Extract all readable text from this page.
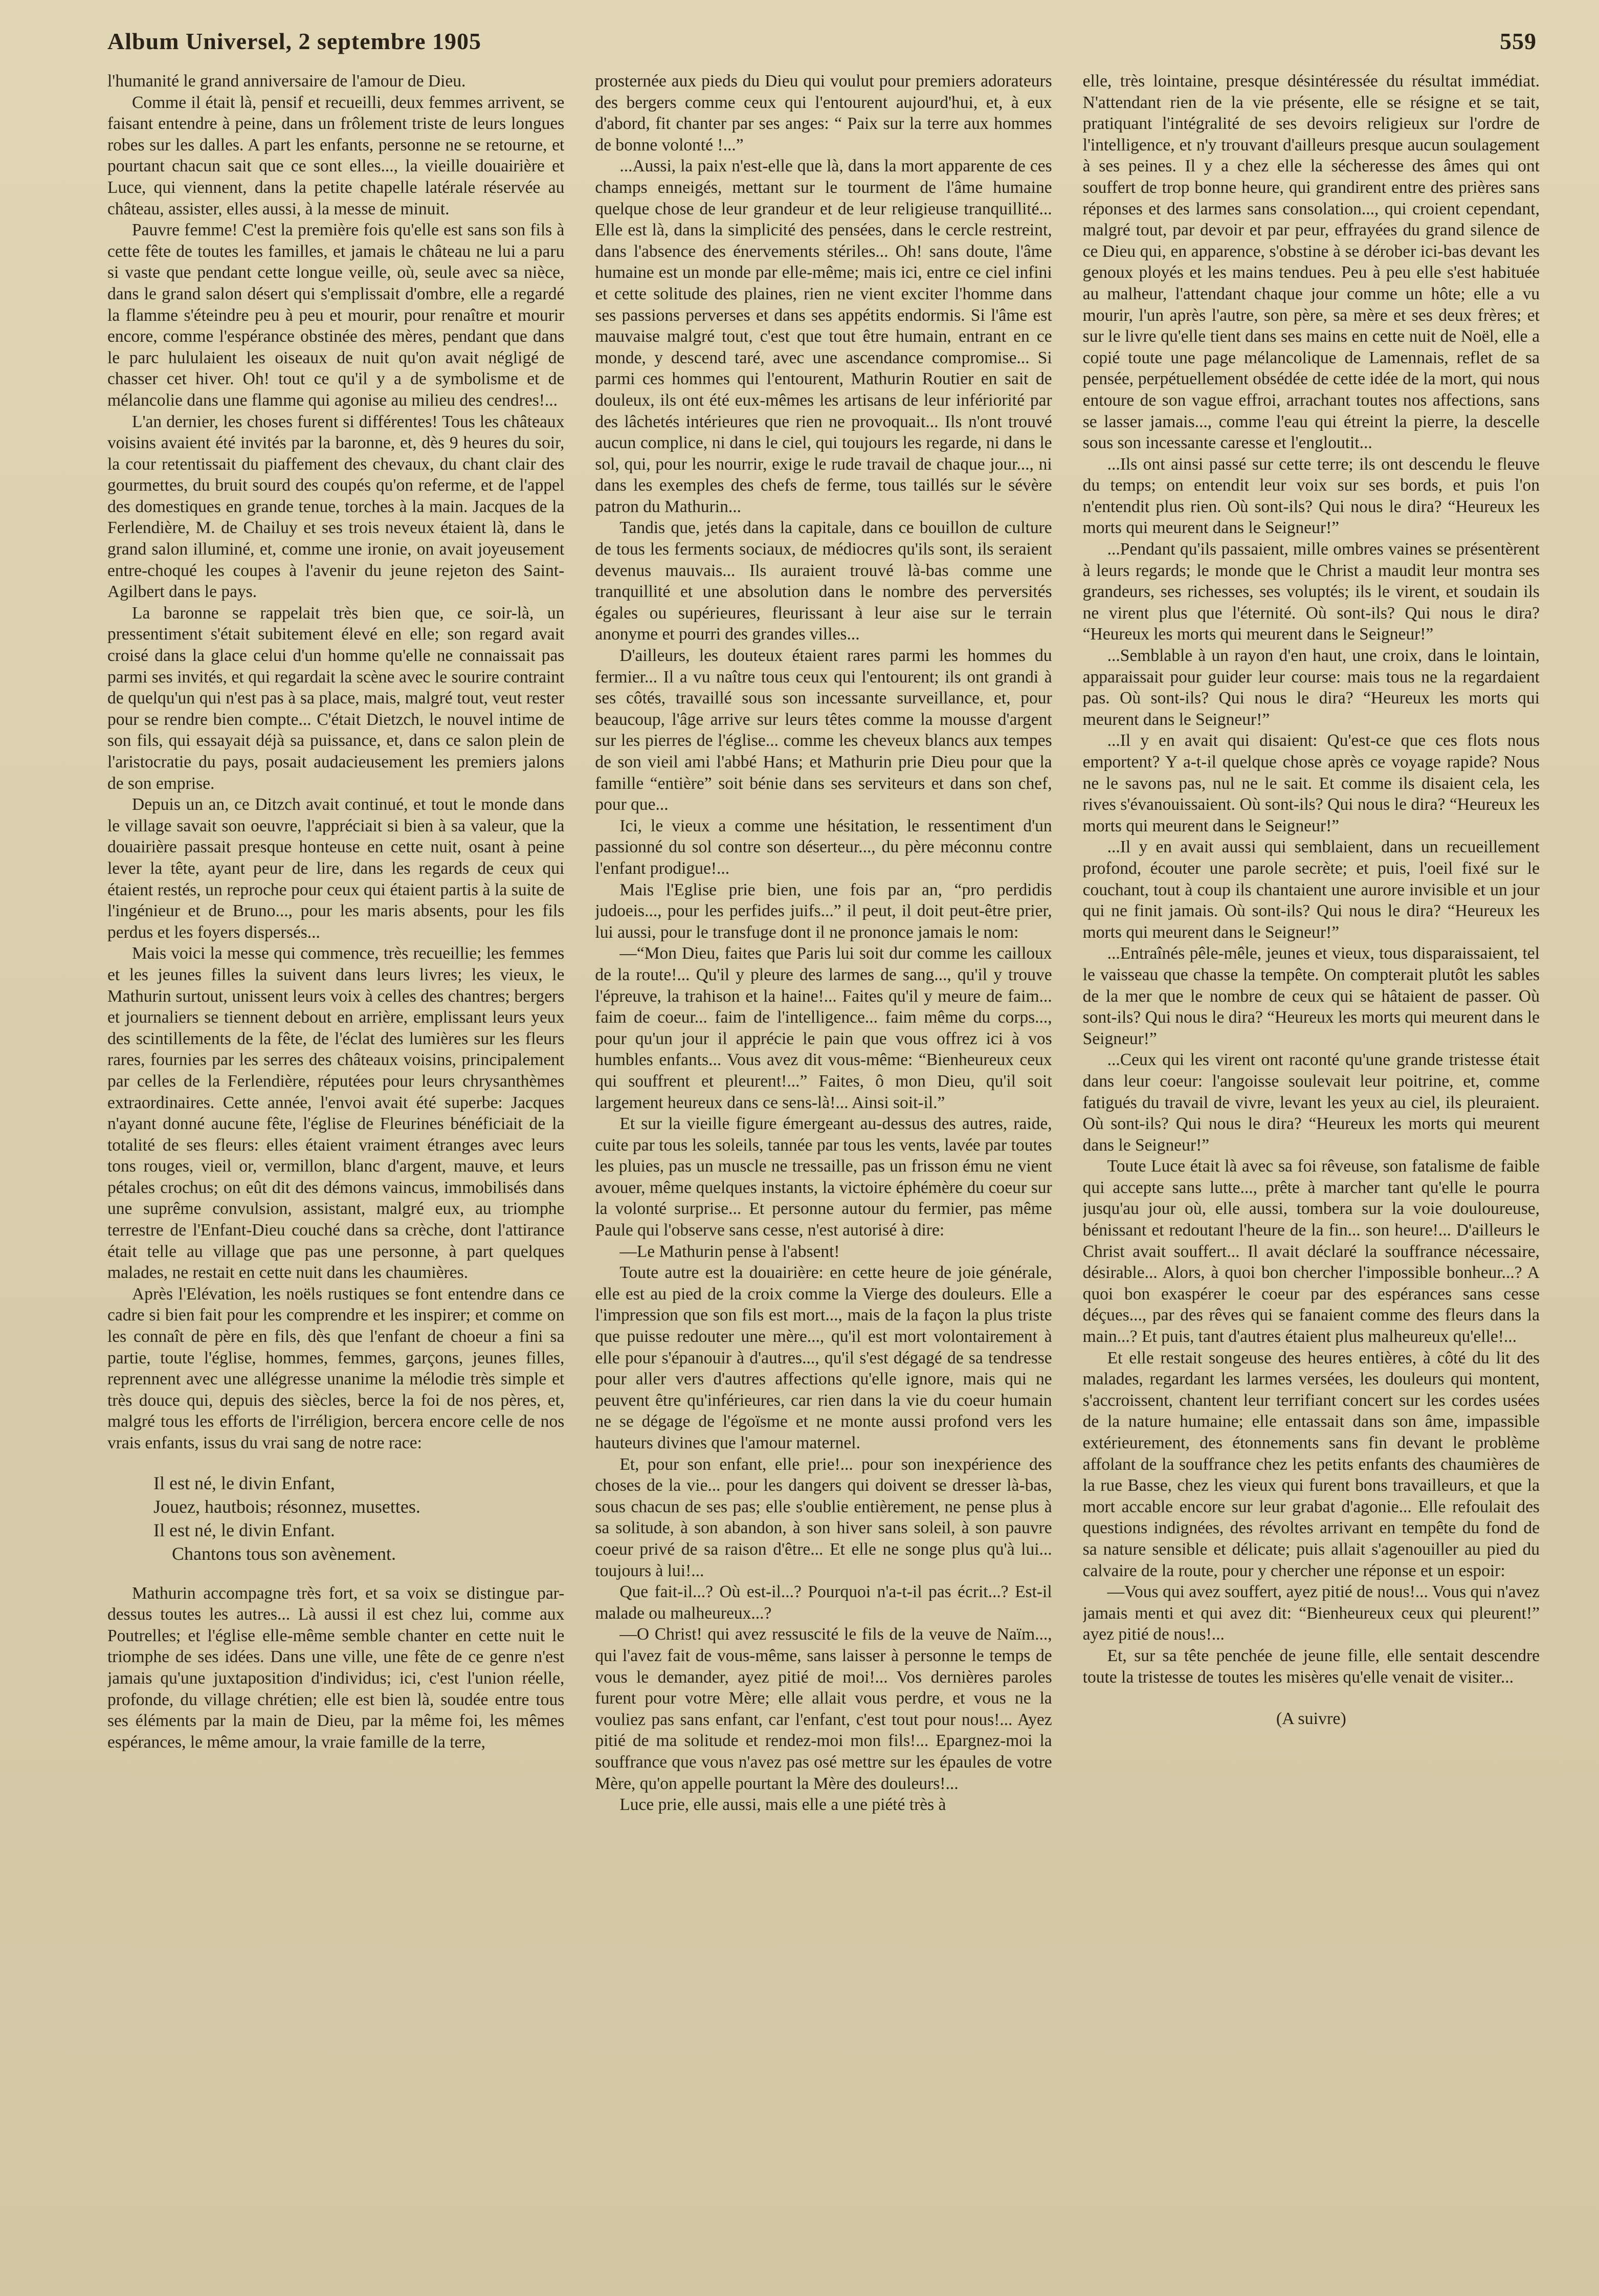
Album Universel, 2 septembre 1905	559

l'humanité le grand anniversaire de l'amour de Dieu.

Comme il était là, pensif et recueilli, deux femmes arrivent, se faisant entendre à peine, dans un frôlement triste de leurs longues robes sur les dalles. A part les enfants, personne ne se retourne, et pourtant chacun sait que ce sont elles..., la vieille douairière et Luce, qui viennent, dans la petite chapelle latérale réservée au château, assister, elles aussi, à la messe de minuit.

Pauvre femme! C'est la première fois qu'elle est sans son fils à cette fête de toutes les familles, et jamais le château ne lui a paru si vaste que pendant cette longue veille, où, seule avec sa nièce, dans le grand salon désert qui s'emplissait d'ombre, elle a regardé la flamme s'éteindre peu à peu et mourir, pour renaître et mourir encore, comme l'espérance obstinée des mères, pendant que dans le parc hululaient les oiseaux de nuit qu'on avait négligé de chasser cet hiver. Oh! tout ce qu'il y a de symbolisme et de mélancolie dans une flamme qui agonise au milieu des cendres!...

L'an dernier, les choses furent si différentes! Tous les châteaux voisins avaient été invités par la baronne, et, dès 9 heures du soir, la cour retentissait du piaffement des chevaux, du chant clair des gourmettes, du bruit sourd des coupés qu'on refermе, et de l'appel des domestiques en grande tenue, torches à la main. Jacques de la Ferlendière, M. de Chailuy et ses trois neveux étaient là, dans le grand salon illuminé, et, comme une ironie, on avait joyeusement entre-choqué les coupes à l'avenir du jeune rejeton des Saint-Agilbert dans le pays.

La baronne se rappelait très bien que, ce soir-là, un pressentiment s'était subitement élevé en elle; son regard avait croisé dans la glace celui d'un homme qu'elle ne connaissait pas parmi ses invités, et qui regardait la scène avec le sourire contraint de quelqu'un qui n'est pas à sa place, mais, malgré tout, veut rester pour se rendre bien compte... C'était Dietzch, le nouvel intime de son fils, qui essayait déjà sa puissance, et, dans ce salon plein de l'aristocratie du pays, posait audacieusement les premiers jalons de son emprise.

Depuis un an, ce Ditzch avait continué, et tout le monde dans le village savait son oeuvre, l'appréciait si bien à sa valeur, que la douairière passait presque honteuse en cette nuit, osant à peine lever la tête, ayant peur de lire, dans les regards de ceux qui étaient restés, un reproche pour ceux qui étaient partis à la suite de l'ingénieur et de Bruno..., pour les maris absents, pour les fils perdus et les foyers dispersés...

Mais voici la messe qui commence, très recueillie; les femmes et les jeunes filles la suivent dans leurs livres; les vieux, le Mathurin surtout, unissent leurs voix à celles des chantres; bergers et journaliers se tiennent debout en arrière, emplissant leurs yeux des scintillements de la fête, de l'éclat des lumières sur les fleurs rares, fournies par les serres des châteaux voisins, principalement par celles de la Ferlendière, réputées pour leurs chrysanthèmes extraordinaires. Cette année, l'envoi avait été superbe: Jacques n'ayant donné aucune fête, l'église de Fleurines bénéficiait de la totalité de ses fleurs: elles étaient vraiment étranges avec leurs tons rouges, vieil or, vermillon, blanc d'argent, mauve, et leurs pétales crochus; on eût dit des démons vaincus, immobilisés dans une suprême convulsion, assistant, malgré eux, au triomphe terrestre de l'Enfant-Dieu couché dans sa crèche, dont l'attirance était telle au village que pas une personne, à part quelques malades, ne restait en cette nuit dans les chaumières.

Après l'Elévation, les noëls rustiques se font entendre dans ce cadre si bien fait pour les comprendre et les inspirer; et comme on les connaît de père en fils, dès que l'enfant de choeur a fini sa partie, toute l'église, hommes, femmes, garçons, jeunes filles, reprennent avec une allégresse unanime la mélodie très simple et très douce qui, depuis des siècles, berce la foi de nos pères, et, malgré tous les efforts de l'irréligion, bercera encore celle de nos vrais enfants, issus du vrai sang de notre race:

Il est né, le divin Enfant,
Jouez, hautbois; résonnez, musettes.
Il est né, le divin Enfant.
Chantons tous son avènement.

Mathurin accompagne très fort, et sa voix se distingue par-dessus toutes les autres... Là aussi il est chez lui, comme aux Poutrelles; et l'église elle-même semble chanter en cette nuit le triomphe de ses idées. Dans une ville, une fête de ce genre n'est jamais qu'une juxtaposition d'individus; ici, c'est l'union réelle, profonde, du village chrétien; elle est bien là, soudée entre tous ses éléments par la main de Dieu, par la même foi, les mêmes espérances, le même amour, la vraie famille de la terre,

prosternée aux pieds du Dieu qui voulut pour premiers adorateurs des bergers comme ceux qui l'entourent aujourd'hui, et, à eux d'abord, fit chanter par ses anges: “ Paix sur la terre aux hommes de bonne volonté !...”

...Aussi, la paix n'est-elle que là, dans la mort apparente de ces champs enneigés, mettant sur le tourment de l'âme humaine quelque chose de leur grandeur et de leur religieuse tranquillité... Elle est là, dans la simplicité des pensées, dans le cercle restreint, dans l'absence des énervements stériles... Oh! sans doute, l'âme humaine est un monde par elle-même; mais ici, entre ce ciel infini et cette solitude des plaines, rien ne vient exciter l'homme dans ses passions perverses et dans ses appétits endormis. Si l'âme est mauvaise malgré tout, c'est que tout être humain, entrant en ce monde, y descend taré, avec une ascendance compromise... Si parmi ces hommes qui l'entourent, Mathurin Routier en sait de douleux, ils ont été eux-mêmes les artisans de leur infériorité par des lâchetés intérieures que rien ne provoquait... Ils n'ont trouvé aucun complice, ni dans le ciel, qui toujours les regarde, ni dans le sol, qui, pour les nourrir, exige le rude travail de chaque jour..., ni dans les exemples des chefs de ferme, tous taillés sur le sévère patron du Mathurin...

Tandis que, jetés dans la capitale, dans ce bouillon de culture de tous les ferments sociaux, de médiocres qu'ils sont, ils seraient devenus mauvais... Ils auraient trouvé là-bas comme une tranquillité et une absolution dans le nombre des perversités égales ou supérieures, fleurissant à leur aise sur le terrain anonyme et pourri des grandes villes...

D'ailleurs, les douteux étaient rares parmi les hommes du fermier... Il a vu naître tous ceux qui l'entourent; ils ont grandi à ses côtés, travaillé sous son incessante surveillance, et, pour beaucoup, l'âge arrive sur leurs têtes comme la mousse d'argent sur les pierres de l'église... comme les cheveux blancs aux tempes de son vieil ami l'abbé Hans; et Mathurin prie Dieu pour que la famille “entière” soit bénie dans ses serviteurs et dans son chef, pour que...

Ici, le vieux a comme une hésitation, le ressentiment d'un passionné du sol contre son déserteur..., du père méconnu contre l'enfant prodigue!...

Mais l'Eglise prie bien, une fois par an, “pro perdidis judoeis..., pour les perfides juifs...” il peut, il doit peut-être prier, lui aussi, pour le transfuge dont il ne prononce jamais le nom:

—“Mon Dieu, faites que Paris lui soit dur comme les cailloux de la route!... Qu'il y pleure des larmes de sang..., qu'il y trouve l'épreuve, la trahison et la haine!... Faites qu'il y meure de faim... faim de coeur... faim de l'intelligence... faim même du corps..., pour qu'un jour il apprécie le pain que vous offrez ici à vos humbles enfants... Vous avez dit vous-même: “Bienheureux ceux qui souffrent et pleurent!...” Faites, ô mon Dieu, qu'il soit largement heureux dans ce sens-là!... Ainsi soit-il.”

Et sur la vieille figure émergeant au-dessus des autres, raide, cuite par tous les soleils, tannée par tous les vents, lavée par toutes les pluies, pas un muscle ne tressaille, pas un frisson ému ne vient avouer, même quelques instants, la victoire éphémère du coeur sur la volonté surprise... Et personne autour du fermier, pas même Paule qui l'observe sans cesse, n'est autorisé à dire:

—Le Mathurin pense à l'absent!

Toute autre est la douairière: en cette heure de joie générale, elle est au pied de la croix comme la Vierge des douleurs. Elle a l'impression que son fils est mort..., mais de la façon la plus triste que puisse redouter une mère..., qu'il est mort volontairement à elle pour s'épanouir à d'autres..., qu'il s'est dégagé de sa tendresse pour aller vers d'autres affections qu'elle ignore, mais qui ne peuvent être qu'inférieures, car rien dans la vie du coeur humain ne se dégage de l'égoïsme et ne monte aussi profond vers les hauteurs divines que l'amour maternel.

Et, pour son enfant, elle prie!... pour son inexpérience des choses de la vie... pour les dangers qui doivent se dresser là-bas, sous chacun de ses pas; elle s'oublie entièrement, ne pense plus à sa solitude, à son abandon, à son hiver sans soleil, à son pauvre coeur privé de sa raison d'être... Et elle ne songe plus qu'à lui... toujours à lui!...

Que fait-il...? Où est-il...? Pourquoi n'a-t-il pas écrit...? Est-il malade ou malheureux...?

—O Christ! qui avez ressuscité le fils de la veuve de Naïm..., qui l'avez fait de vous-même, sans laisser à personne le temps de vous le demander, ayez pitié de moi!... Vos dernières paroles furent pour votre Mère; elle allait vous perdre, et vous ne la vouliez pas sans enfant, car l'enfant, c'est tout pour nous!... Ayez pitié de ma solitude et rendez-moi mon fils!... Epargnez-moi la souffrance que vous n'avez pas osé mettre sur les épaules de votre Mère, qu'on appelle pourtant la Mère des douleurs!...

Luce prie, elle aussi, mais elle a une piété très à

elle, très lointaine, presque désintéressée du résultat immédiat. N'attendant rien de la vie présente, elle se résigne et se tait, pratiquant l'intégralité de ses devoirs religieux sur l'ordre de l'intelligence, et n'y trouvant d'ailleurs presque aucun soulagement à ses peines. Il y a chez elle la sécheresse des âmes qui ont souffert de trop bonne heure, qui grandirent entre des prières sans réponses et des larmes sans consolation..., qui croient cependant, malgré tout, par devoir et par peur, effrayées du grand silence de ce Dieu qui, en apparence, s'obstine à se dérober ici-bas devant les genoux ployés et les mains tendues. Peu à peu elle s'est habituée au malheur, l'attendant chaque jour comme un hôte; elle a vu mourir, l'un après l'autre, son père, sa mère et ses deux frères; et sur le livre qu'elle tient dans ses mains en cette nuit de Noël, elle a copié toute une page mélancolique de Lamennais, reflet de sa pensée, perpétuellement obsédée de cette idée de la mort, qui nous entoure de son vague effroi, arrachant toutes nos affections, sans se lasser jamais..., comme l'eau qui étreint la pierre, la descelle sous son incessante caresse et l'engloutit...

...Ils ont ainsi passé sur cette terre; ils ont descendu le fleuve du temps; on entendit leur voix sur ses bords, et puis l'on n'entendit plus rien. Où sont-ils? Qui nous le dira? “Heureux les morts qui meurent dans le Seigneur!”

...Pendant qu'ils passaient, mille ombres vaines se présentèrent à leurs regards; le monde que le Christ a maudit leur montra ses grandeurs, ses richesses, ses voluptés; ils le virent, et soudain ils ne virent plus que l'éternité. Où sont-ils? Qui nous le dira? “Heureux les morts qui meurent dans le Seigneur!”

...Semblable à un rayon d'en haut, une croix, dans le lointain, apparaissait pour guider leur course: mais tous ne la regardaient pas. Où sont-ils? Qui nous le dira? “Heureux les morts qui meurent dans le Seigneur!”

...Il y en avait qui disaient: Qu'est-ce que ces flots nous emportent? Y a-t-il quelque chose après ce voyage rapide? Nous ne le savons pas, nul ne le sait. Et comme ils disaient cela, les rives s'évanouissaient. Où sont-ils? Qui nous le dira? “Heureux les morts qui meurent dans le Seigneur!”

...Il y en avait aussi qui semblaient, dans un recueillement profond, écouter une parole secrète; et puis, l'oeil fixé sur le couchant, tout à coup ils chantaient une aurore invisible et un jour qui ne finit jamais. Où sont-ils? Qui nous le dira? “Heureux les morts qui meurent dans le Seigneur!”

...Entraînés pêle-mêle, jeunes et vieux, tous disparaissaient, tel le vaisseau que chasse la tempête. On compterait plutôt les sables de la mer que le nombre de ceux qui se hâtaient de passer. Où sont-ils? Qui nous le dira? “Heureux les morts qui meurent dans le Seigneur!”

...Ceux qui les virent ont raconté qu'une grande tristesse était dans leur coeur: l'angoisse soulevait leur poitrine, et, comme fatigués du travail de vivre, levant les yeux au ciel, ils pleuraient. Où sont-ils? Qui nous le dira? “Heureux les morts qui meurent dans le Seigneur!”

Toute Luce était là avec sa foi rêveuse, son fatalisme de faible qui accepte sans lutte..., prête à marcher tant qu'elle le pourra jusqu'au jour où, elle aussi, tombera sur la voie douloureuse, bénissant et redoutant l'heure de la fin... son heure!... D'ailleurs le Christ avait souffert... Il avait déclaré la souffrance nécessaire, désirable... Alors, à quoi bon chercher l'impossible bonheur...? A quoi bon exaspérer le coeur par des espérances sans cesse déçues..., par des rêves qui se fanaient comme des fleurs dans la main...? Et puis, tant d'autres étaient plus malheureux qu'elle!...

Et elle restait songeuse des heures entières, à côté du lit des malades, regardant les larmes versées, les douleurs qui montent, s'accroissent, chantent leur terrifiant concert sur les cordes usées de la nature humaine; elle entassait dans son âme, impassible extérieurement, des étonnements sans fin devant le problème affolant de la souffrance chez les petits enfants des chaumières de la rue Basse, chez les vieux qui furent bons travailleurs, et que la mort accable encore sur leur grabat d'agonie... Elle refoulait des questions indignées, des révoltes arrivant en tempête du fond de sa nature sensible et délicate; puis allait s'agenouiller au pied du calvaire de la route, pour y chercher une réponse et un espoir:

—Vous qui avez souffert, ayez pitié de nous!... Vous qui n'avez jamais menti et qui avez dit: “Bienheureux ceux qui pleurent!” ayez pitié de nous!...

Et, sur sa tête penchée de jeune fille, elle sentait descendre toute la tristesse de toutes les misères qu'elle venait de visiter...

(A suivre)
